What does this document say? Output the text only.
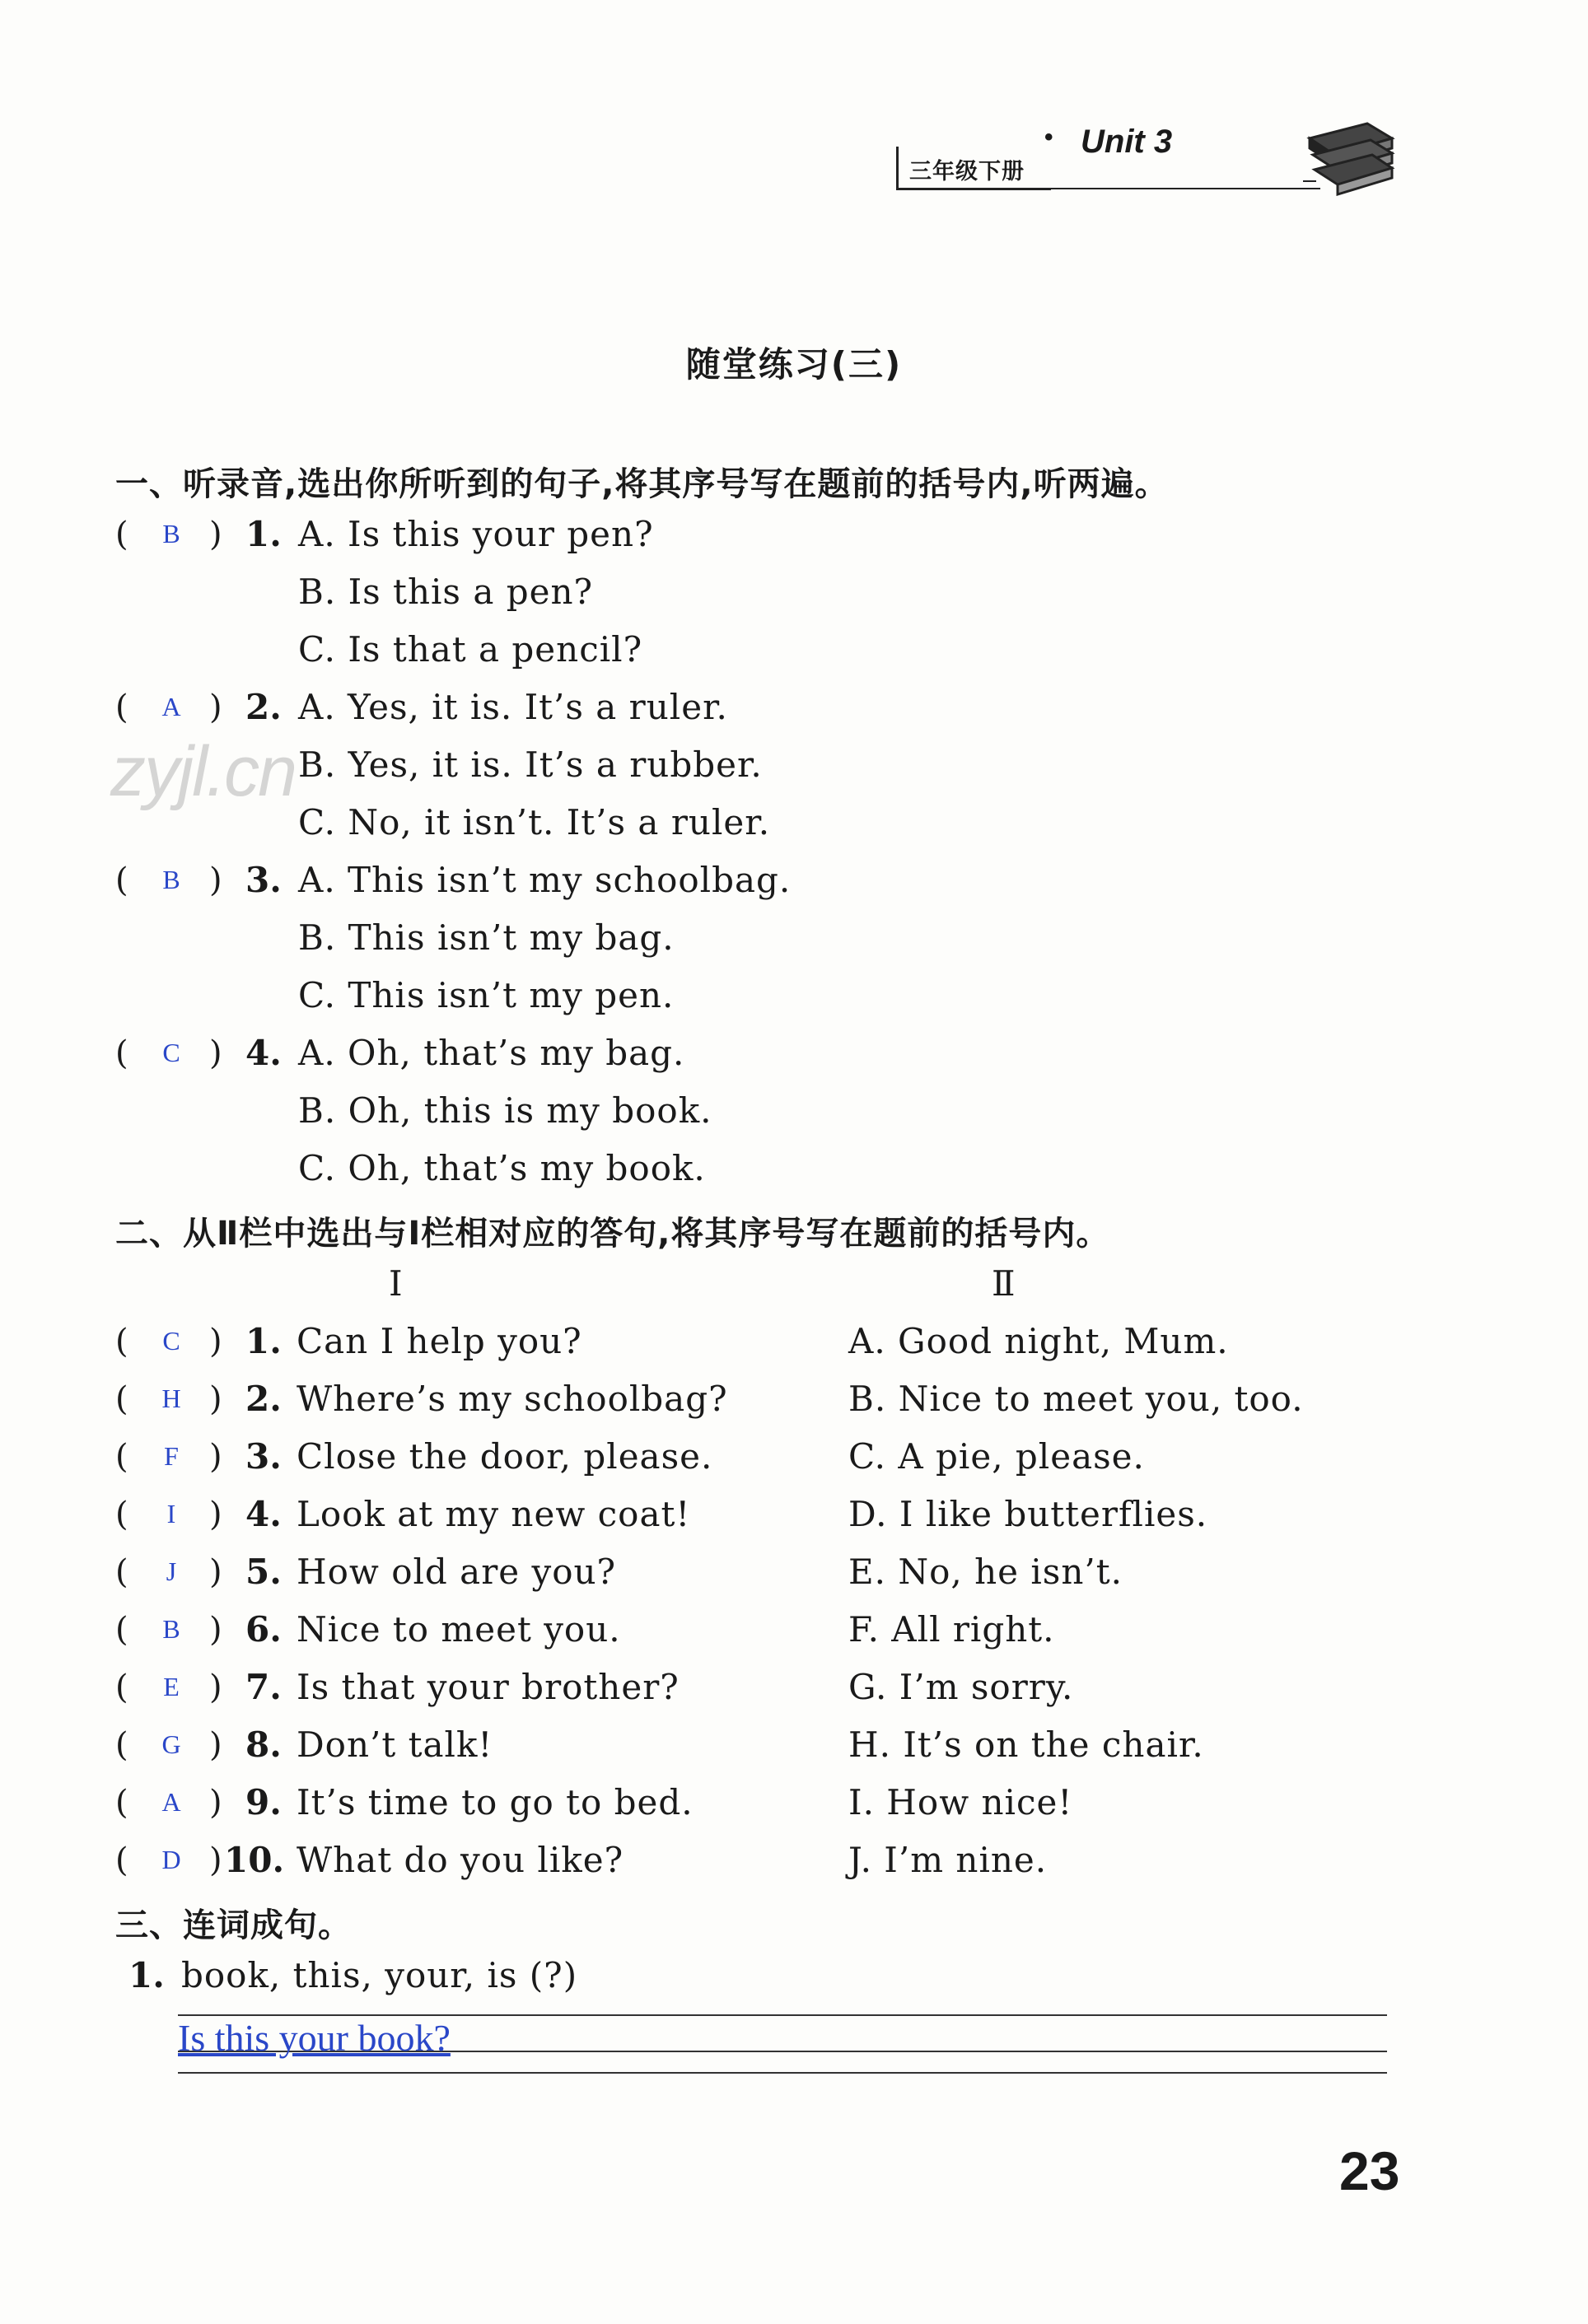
三年级下册
• Unit 3
随堂练习(三)
一、听录音,选出你所听到的句子,将其序号写在题前的括号内,听两遍。
(	B ) 1. A. Is this your pen?
B. Is this a pen?
C. Is that a pencil?
(	A ) 2. A. Yes, it is. It’s a ruler.
B. Yes, it is. It’s a rubber.
C. No, it isn’t. It’s a ruler.
(	B ) 3. A. This isn’t my schoolbag.
B. This isn’t my bag.
C. This isn’t my pen.
(	C ) 4. A. Oh, that’s my bag.
B. Oh, this is my book.
C. Oh, that’s my book.
zyjl.cn
二、从Ⅱ栏中选出与Ⅰ栏相对应的答句,将其序号写在题前的括号内。
Ⅰ	Ⅱ
(	C ) 1. Can I help you?	A. Good night, Mum.
(	H ) 2. Where’s my schoolbag?	B. Nice to meet you, too.
(	F ) 3. Close the door, please.	C. A pie, please.
(	I	) 4. Look at my new coat!	D. I like butterflies.
(	J ) 5. How old are you?	E. No, he isn’t.
(	B ) 6. Nice to meet you.	F. All right.
(	E ) 7. Is that your brother?	G. I’m sorry.
(	G ) 8. Don’t talk!	H. It’s on the chair.
(	A ) 9. It’s time to go to bed.	I. How nice!
(	D ) 10. What do you like?	J. I’m nine.
三、连词成句。
1. book, this, your, is (?)
Is this your book?
23
